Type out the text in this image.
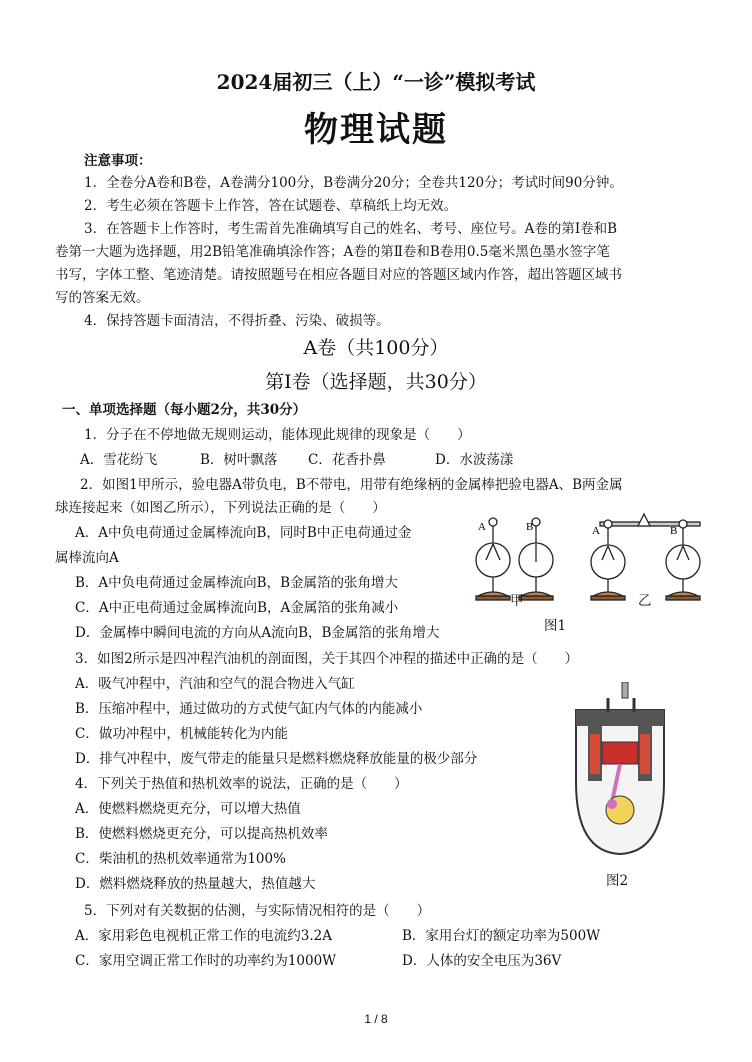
2024届初三（上）“一诊”模拟考试
物理试题
注意事项：
1．全卷分A卷和B卷，A卷满分100分，B卷满分20分；全卷共120分；考试时间90分钟。
2．考生必须在答题卡上作答，答在试题卷、草稿纸上均无效。
3．在答题卡上作答时，考生需首先准确填写自己的姓名、考号、座位号。A卷的第Ⅰ卷和B
卷第一大题为选择题，用2B铅笔准确填涂作答；A卷的第Ⅱ卷和B卷用0.5毫米黑色墨水签字笔
书写，字体工整、笔迹清楚。请按照题号在相应各题目对应的答题区域内作答，超出答题区域书
写的答案无效。
4．保持答题卡面清洁，不得折叠、污染、破损等。
A卷（共100分）
第Ⅰ卷（选择题，共30分）
一、单项选择题（每小题2分，共30分）
1．分子在不停地做无规则运动，能体现此规律的现象是（　　）
A．雪花纷飞	B．树叶飘落 C．花香扑鼻	D．水波荡漾
2．如图1甲所示，验电器A带负电，B不带电，用带有绝缘柄的金属棒把验电器A、B两金属
球连接起来（如图乙所示），下列说法正确的是（　　）
A．A中负电荷通过金属棒流向B，同时B中正电荷通过金
属棒流向A
B．A中负电荷通过金属棒流向B，B金属箔的张角增大
C．A中正电荷通过金属棒流向B，A金属箔的张角减小
D．金属棒中瞬间电流的方向从A流向B，B金属箔的张角增大
A	B	A	B
甲	乙
图1
3．如图2所示是四冲程汽油机的剖面图，关于其四个冲程的描述中正确的是（　　）
A．吸气冲程中，汽油和空气的混合物进入气缸
B．压缩冲程中，通过做功的方式使气缸内气体的内能减小
C．做功冲程中，机械能转化为内能
D．排气冲程中，废气带走的能量只是燃料燃烧释放能量的极少部分
4．下列关于热值和热机效率的说法，正确的是（　　）
A．使燃料燃烧更充分，可以增大热值
B．使燃料燃烧更充分，可以提高热机效率
C．柴油机的热机效率通常为100%
D．燃料燃烧释放的热量越大，热值越大	图2
5．下列对有关数据的估测，与实际情况相符的是（　　）
A．家用彩色电视机正常工作的电流约3.2A	B．家用台灯的额定功率为500W
C．家用空调正常工作时的功率约为1000W	D．人体的安全电压为36V
1 / 8
